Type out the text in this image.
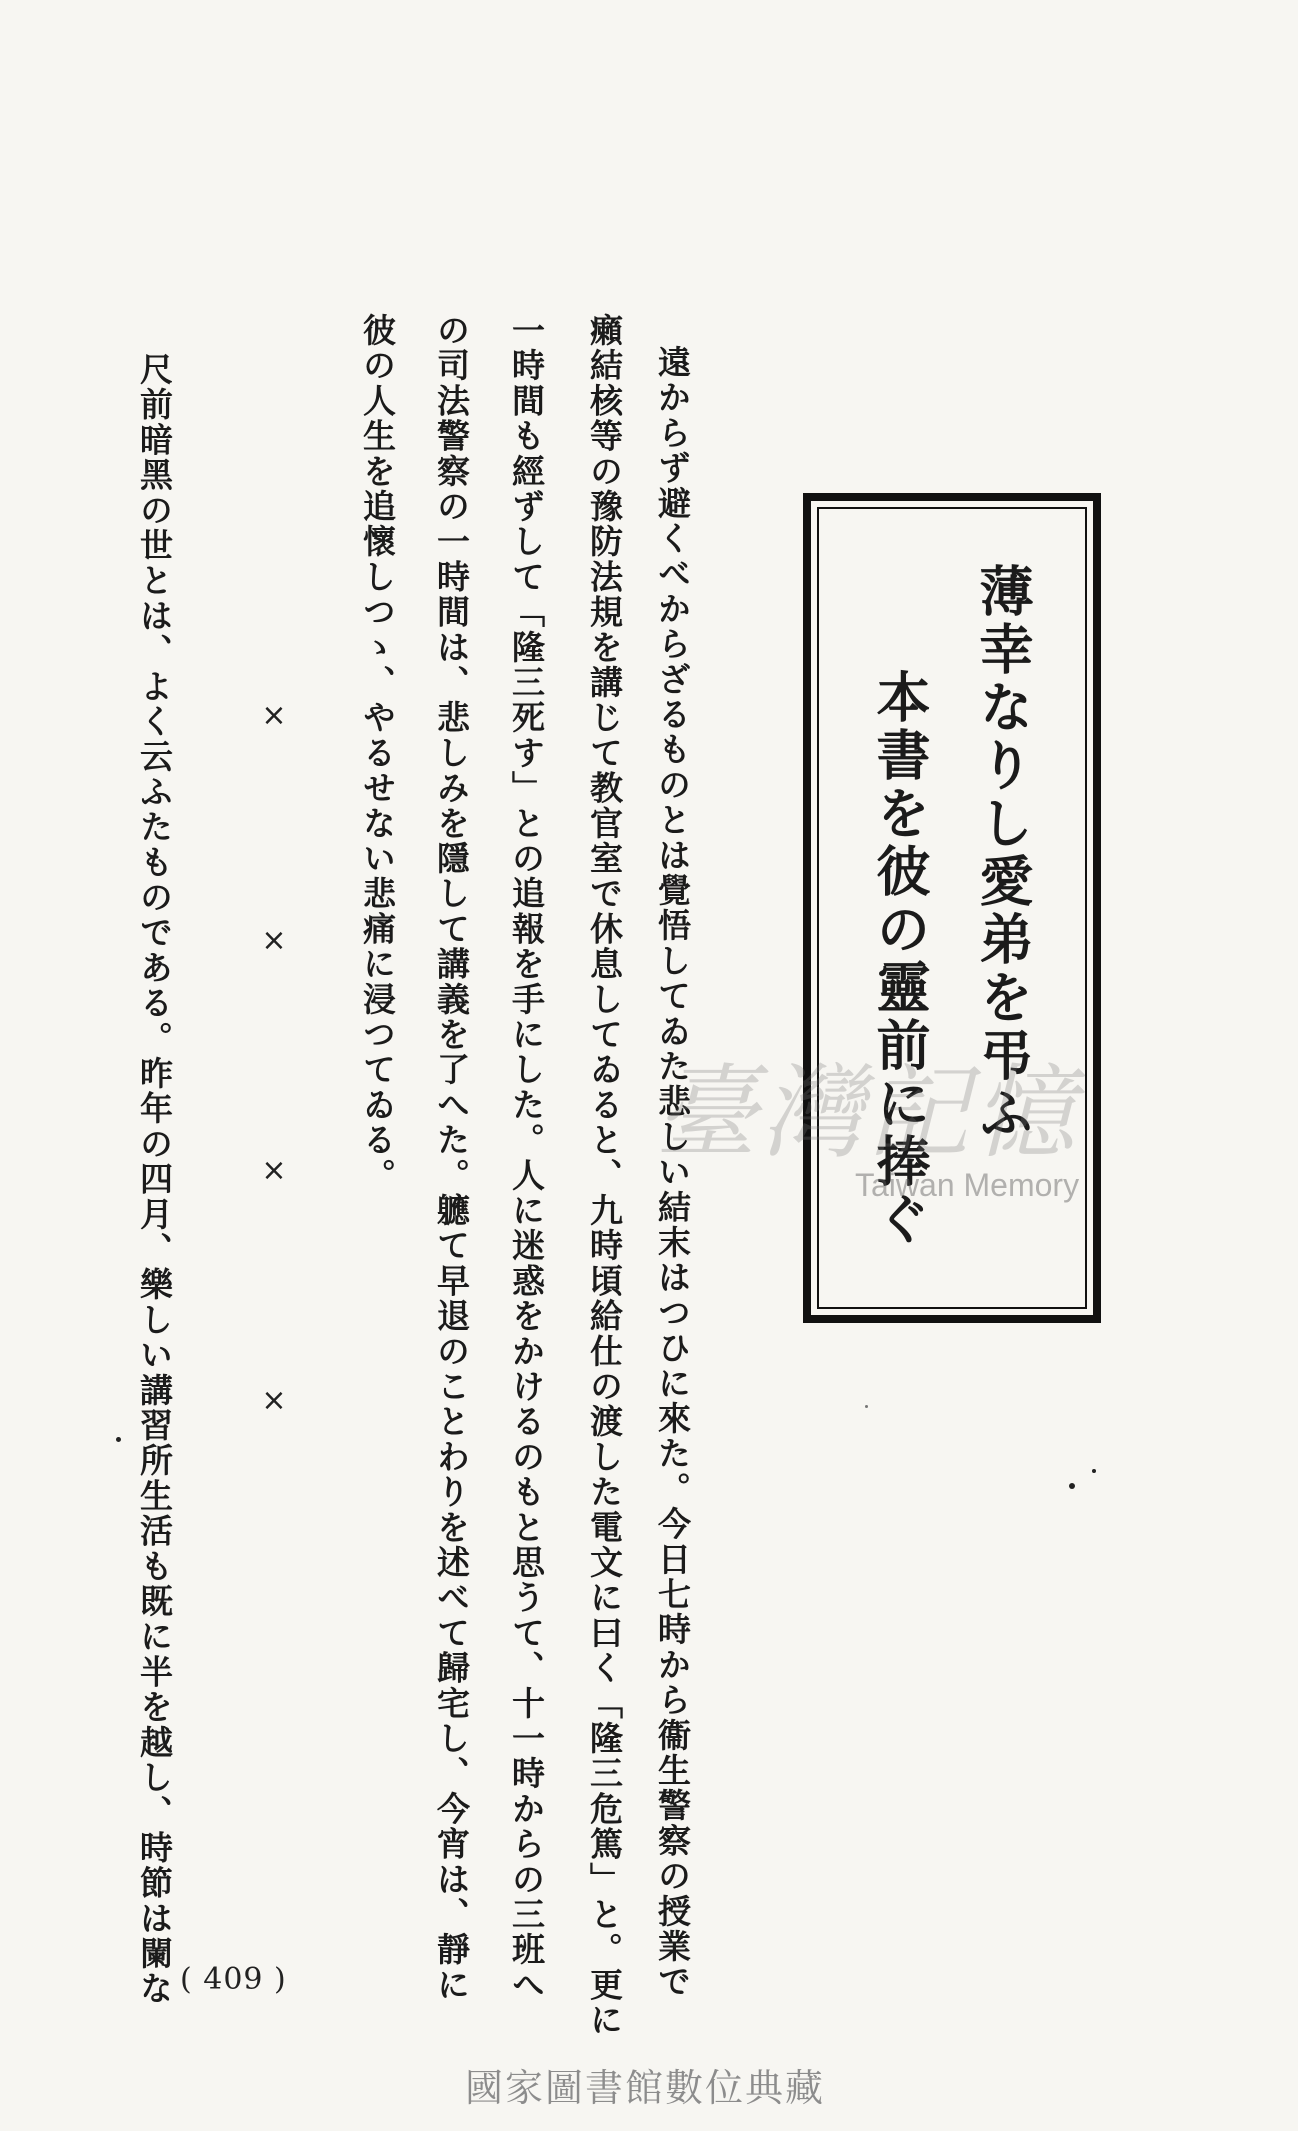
薄幸なりし愛弟を弔ふ
本書を彼の靈前に捧ぐ
遠からず避くべからざるものとは覺悟してゐた悲しい結末はつひに來た。今日七時から衞生警察の授業で
癩結核等の豫防法規を講じて教官室で休息してゐると、九時頃給仕の渡した電文に曰く「隆三危篤」と。更に
一時間も經ずして「隆三死す」との追報を手にした。人に迷惑をかけるのもと思うて、十一時からの三班へ
の司法警察の一時間は、悲しみを隱して講義を了へた。軈て早退のことわりを述べて歸宅し、今宵は、靜に
彼の人生を追懷しつゝ、やるせない悲痛に浸つてゐる。
×
×
×
×
尺前暗黑の世とは、よく云ふたものである。昨年の四月、樂しい講習所生活も既に半を越し、時節は闌な ( 409 )
臺灣記憶
Taiwan Memory
國家圖書館數位典藏
